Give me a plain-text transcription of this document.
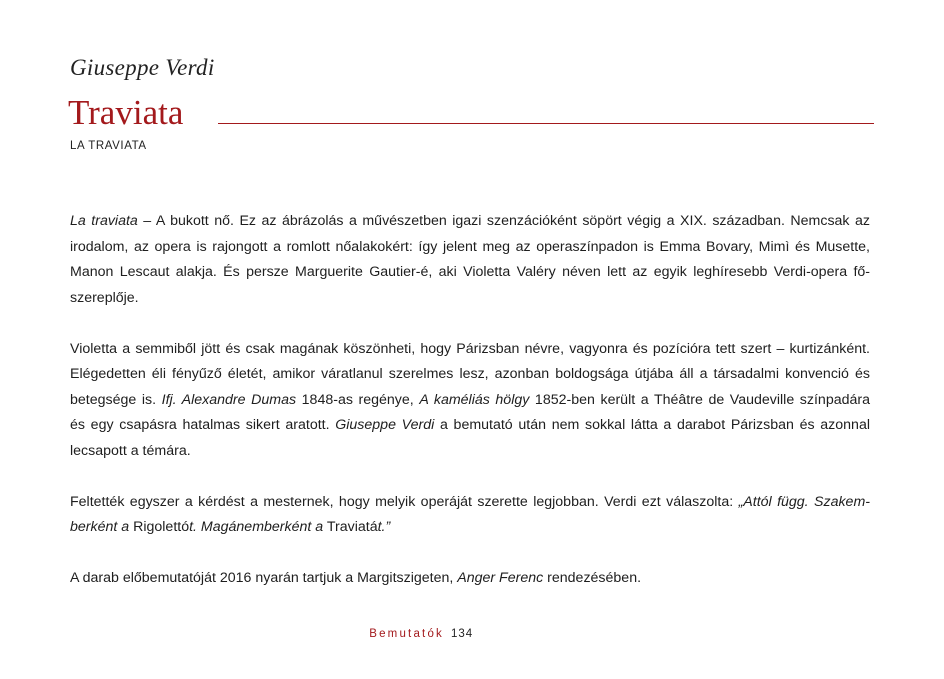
Giuseppe Verdi
Traviata
LA TRAVIATA

La traviata – A bukott nő. Ez az ábrázolás a művészetben igazi szenzációként söpört végig a XIX. században. Nemcsak az
irodalom, az opera is rajongott a romlott nőalakokért: így jelent meg az operaszínpadon is Emma Bovary, Mimì és Musette,
Manon Lescaut alakja. És persze Marguerite Gautier-é, aki Violetta Valéry néven lett az egyik leghíresebb Verdi-opera fő-
szereplője.

Violetta a semmiből jött és csak magának köszönheti, hogy Párizsban névre, vagyonra és pozícióra tett szert – kurtizánként.
Elégedetten éli fényűző életét, amikor váratlanul szerelmes lesz, azonban boldogsága útjába áll a társadalmi konvenció és
betegsége is. Ifj. Alexandre Dumas 1848-as regénye, A kaméliás hölgy 1852-ben került a Théâtre de Vaudeville színpadára
és egy csapásra hatalmas sikert aratott. Giuseppe Verdi a bemutató után nem sokkal látta a darabot Párizsban és azonnal
lecsapott a témára.

Feltették egyszer a kérdést a mesternek, hogy melyik operáját szerette legjobban. Verdi ezt válaszolta: „Attól függ. Szakem-
berként a Rigolettót. Magánemberként a Traviatát.”

A darab előbemutatóját 2016 nyarán tartjuk a Margitszigeten, Anger Ferenc rendezésében.

Bemutatók 134
